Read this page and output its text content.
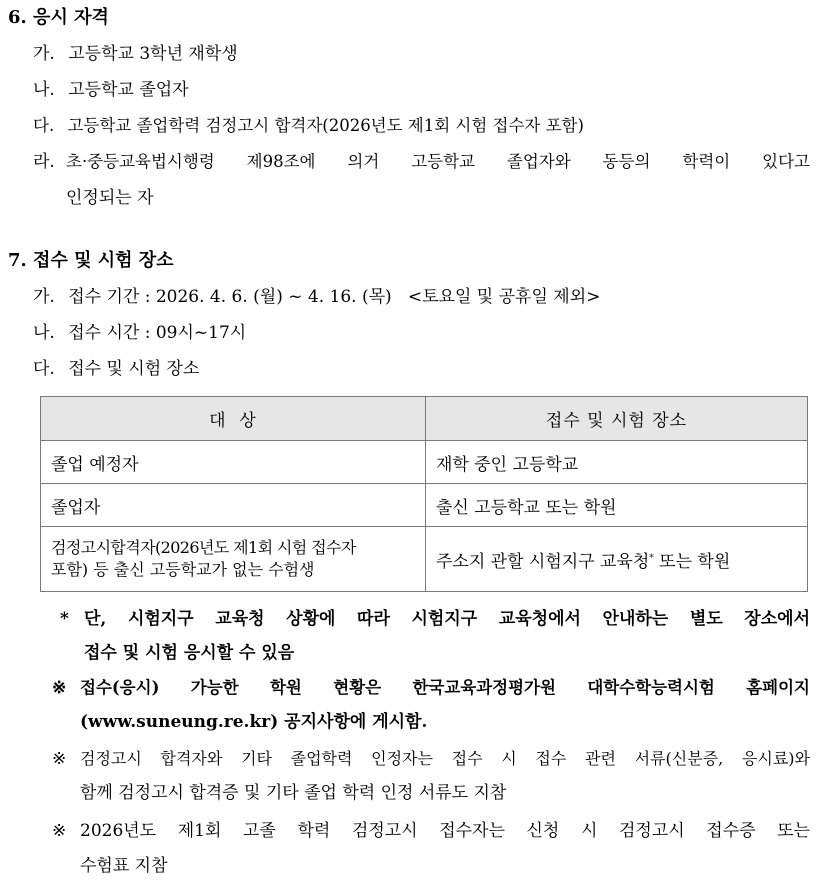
6. 응시 자격
가. 고등학교 3학년 재학생
나. 고등학교 졸업자
다. 고등학교 졸업학력 검정고시 합격자(2026년도 제1회 시험 접수자 포함)
라. 초·중등교육법시행령 제98조에 의거 고등학교 졸업자와 동등의 학력이 있다고
인정되는 자
7. 접수 및 시험 장소
가. 접수 기간 : 2026. 4. 6. (월) ~ 4. 16. (목)   <토요일 및 공휴일 제외>
나. 접수 시간 : 09시~17시
다. 접수 및 시험 장소
대  상	접수 및 시험 장소
졸업 예정자	재학 중인 고등학교
졸업자	출신 고등학교 또는 학원

검정고시합격자(2026년도 제1회 시험 접수자
포함) 등 출신 고등학교가 없는 수험생	주소지 관할 시험지구 교육청* 또는 학원
* 단, 시험지구 교육청 상황에 따라 시험지구 교육청에서 안내하는 별도 장소에서
접수 및 시험 응시할 수 있음
※ 접수(응시) 가능한 학원 현황은 한국교육과정평가원 대학수학능력시험 홈페이지
(www.suneung.re.kr) 공지사항에 게시함.
※ 검정고시 합격자와 기타 졸업학력 인정자는 접수 시 접수 관련 서류(신분증, 응시료)와
함께 검정고시 합격증 및 기타 졸업 학력 인정 서류도 지참
※ 2026년도 제1회 고졸 학력 검정고시 접수자는 신청 시 검정고시 접수증 또는
수험표 지참
